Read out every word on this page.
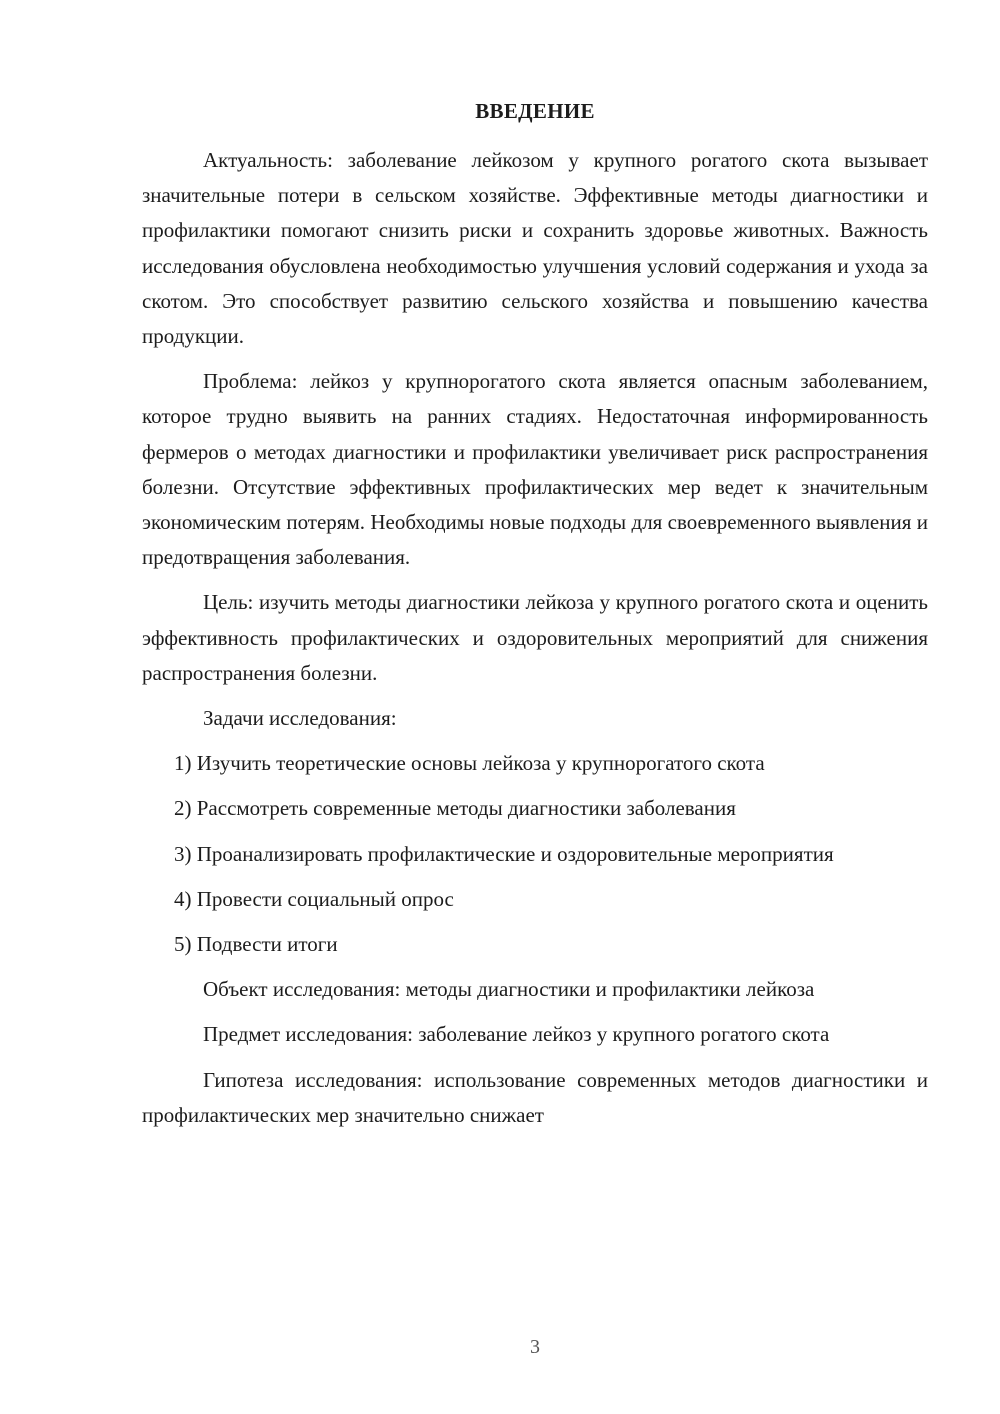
ВВЕДЕНИЕ

Актуальность: заболевание лейкозом у крупного рогатого скота вызывает значительные потери в сельском хозяйстве. Эффективные методы диагностики и профилактики помогают снизить риски и сохранить здоровье животных. Важность исследования обусловлена необходимостью улучшения условий содержания и ухода за скотом. Это способствует развитию сельского хозяйства и повышению качества продукции.

Проблема: лейкоз у крупнорогатого скота является опасным заболеванием, которое трудно выявить на ранних стадиях. Недостаточная информированность фермеров о методах диагностики и профилактики увеличивает риск распространения болезни. Отсутствие эффективных профилактических мер ведет к значительным экономическим потерям. Необходимы новые подходы для своевременного выявления и предотвращения заболевания.

Цель: изучить методы диагностики лейкоза у крупного рогатого скота и оценить эффективность профилактических и оздоровительных мероприятий для снижения распространения болезни.

Задачи исследования:

1) Изучить теоретические основы лейкоза у крупнорогатого скота

2) Рассмотреть современные методы диагностики заболевания

3) Проанализировать профилактические и оздоровительные мероприятия

4) Провести социальный опрос

5) Подвести итоги

Объект исследования: методы диагностики и профилактики лейкоза

Предмет исследования: заболевание лейкоз у крупного рогатого скота

Гипотеза исследования: использование современных методов диагностики и профилактических мер значительно снижает

3
